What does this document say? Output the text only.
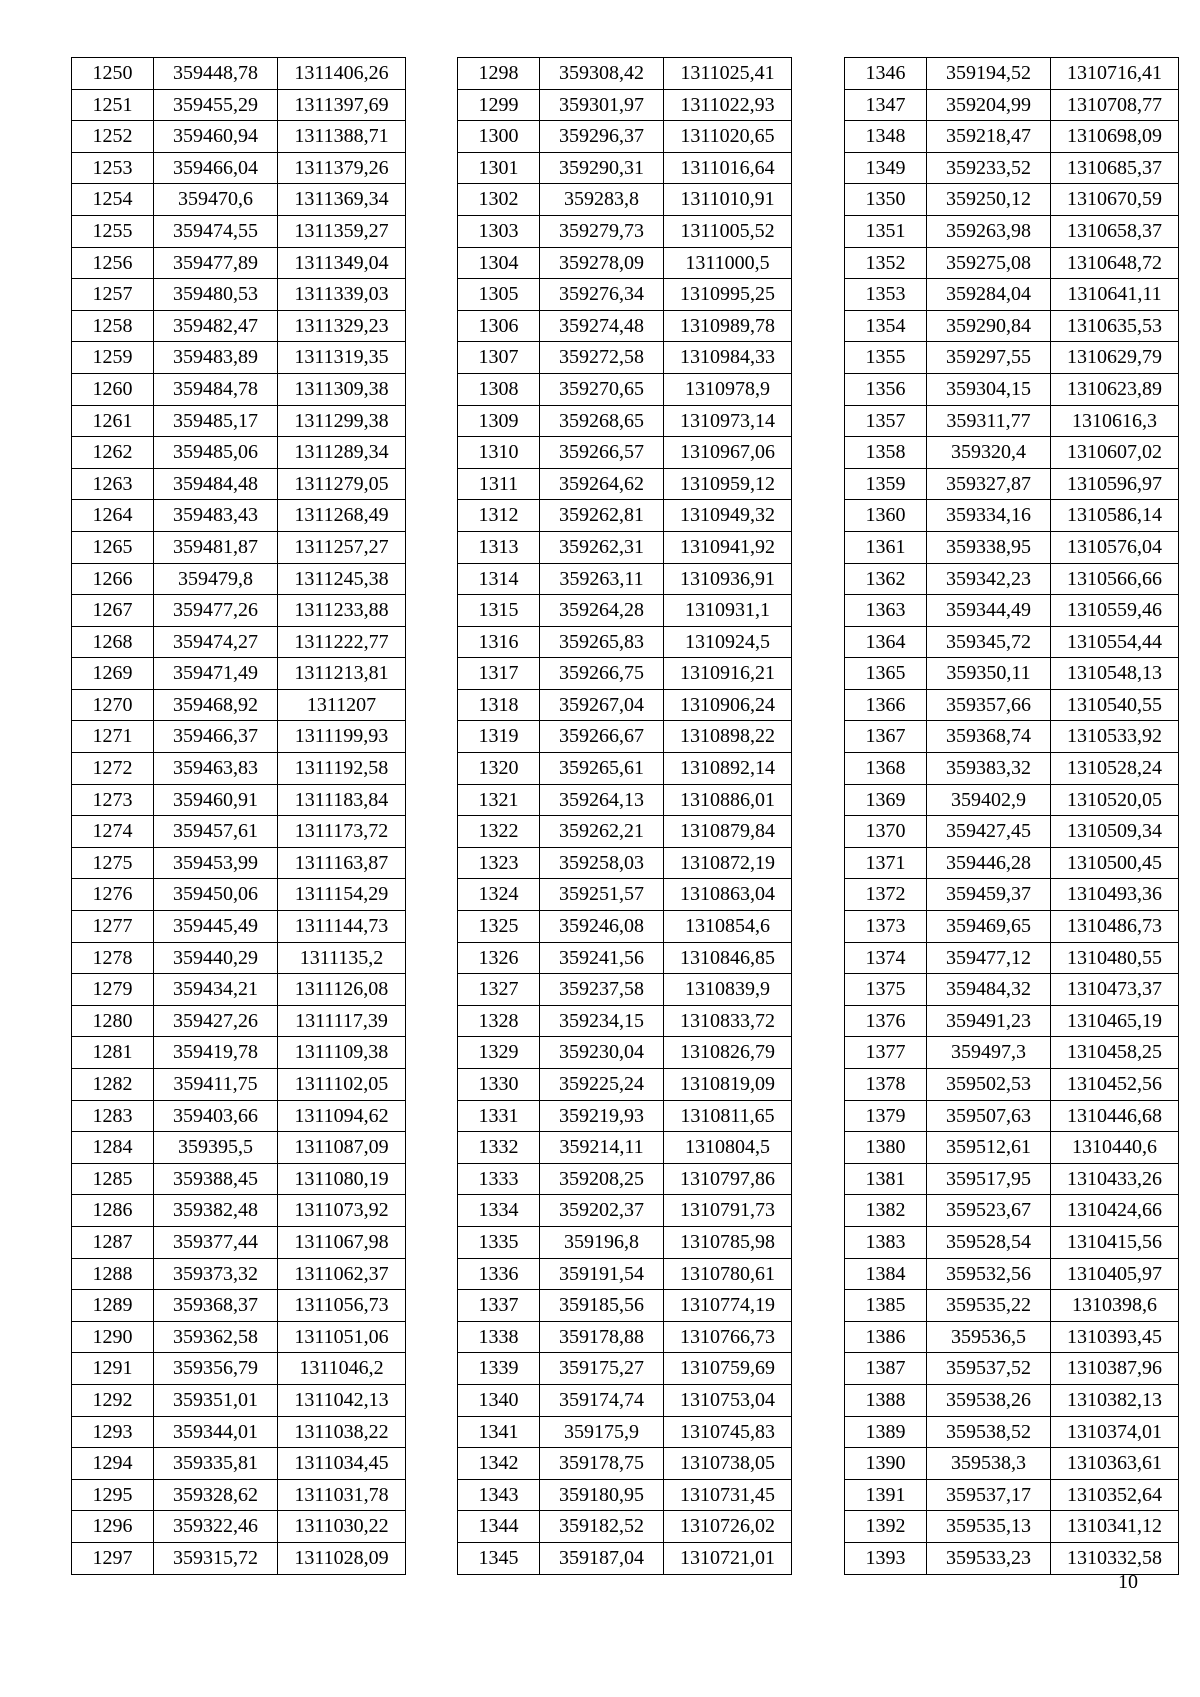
1250	359448,78	1311406,26
1251	359455,29	1311397,69
1252	359460,94	1311388,71
1253	359466,04	1311379,26
1254	359470,6	1311369,34
1255	359474,55	1311359,27
1256	359477,89	1311349,04
1257	359480,53	1311339,03
1258	359482,47	1311329,23
1259	359483,89	1311319,35
1260	359484,78	1311309,38
1261	359485,17	1311299,38
1262	359485,06	1311289,34
1263	359484,48	1311279,05
1264	359483,43	1311268,49
1265	359481,87	1311257,27
1266	359479,8	1311245,38
1267	359477,26	1311233,88
1268	359474,27	1311222,77
1269	359471,49	1311213,81
1270	359468,92	1311207
1271	359466,37	1311199,93
1272	359463,83	1311192,58
1273	359460,91	1311183,84
1274	359457,61	1311173,72
1275	359453,99	1311163,87
1276	359450,06	1311154,29
1277	359445,49	1311144,73
1278	359440,29	1311135,2
1279	359434,21	1311126,08
1280	359427,26	1311117,39
1281	359419,78	1311109,38
1282	359411,75	1311102,05
1283	359403,66	1311094,62
1284	359395,5	1311087,09
1285	359388,45	1311080,19
1286	359382,48	1311073,92
1287	359377,44	1311067,98
1288	359373,32	1311062,37
1289	359368,37	1311056,73
1290	359362,58	1311051,06
1291	359356,79	1311046,2
1292	359351,01	1311042,13
1293	359344,01	1311038,22
1294	359335,81	1311034,45
1295	359328,62	1311031,78
1296	359322,46	1311030,22
1297	359315,72	1311028,09
1298	359308,42	1311025,41
1299	359301,97	1311022,93
1300	359296,37	1311020,65
1301	359290,31	1311016,64
1302	359283,8	1311010,91
1303	359279,73	1311005,52
1304	359278,09	1311000,5
1305	359276,34	1310995,25
1306	359274,48	1310989,78
1307	359272,58	1310984,33
1308	359270,65	1310978,9
1309	359268,65	1310973,14
1310	359266,57	1310967,06
1311	359264,62	1310959,12
1312	359262,81	1310949,32
1313	359262,31	1310941,92
1314	359263,11	1310936,91
1315	359264,28	1310931,1
1316	359265,83	1310924,5
1317	359266,75	1310916,21
1318	359267,04	1310906,24
1319	359266,67	1310898,22
1320	359265,61	1310892,14
1321	359264,13	1310886,01
1322	359262,21	1310879,84
1323	359258,03	1310872,19
1324	359251,57	1310863,04
1325	359246,08	1310854,6
1326	359241,56	1310846,85
1327	359237,58	1310839,9
1328	359234,15	1310833,72
1329	359230,04	1310826,79
1330	359225,24	1310819,09
1331	359219,93	1310811,65
1332	359214,11	1310804,5
1333	359208,25	1310797,86
1334	359202,37	1310791,73
1335	359196,8	1310785,98
1336	359191,54	1310780,61
1337	359185,56	1310774,19
1338	359178,88	1310766,73
1339	359175,27	1310759,69
1340	359174,74	1310753,04
1341	359175,9	1310745,83
1342	359178,75	1310738,05
1343	359180,95	1310731,45
1344	359182,52	1310726,02
1345	359187,04	1310721,01
1346	359194,52	1310716,41
1347	359204,99	1310708,77
1348	359218,47	1310698,09
1349	359233,52	1310685,37
1350	359250,12	1310670,59
1351	359263,98	1310658,37
1352	359275,08	1310648,72
1353	359284,04	1310641,11
1354	359290,84	1310635,53
1355	359297,55	1310629,79
1356	359304,15	1310623,89
1357	359311,77	1310616,3
1358	359320,4	1310607,02
1359	359327,87	1310596,97
1360	359334,16	1310586,14
1361	359338,95	1310576,04
1362	359342,23	1310566,66
1363	359344,49	1310559,46
1364	359345,72	1310554,44
1365	359350,11	1310548,13
1366	359357,66	1310540,55
1367	359368,74	1310533,92
1368	359383,32	1310528,24
1369	359402,9	1310520,05
1370	359427,45	1310509,34
1371	359446,28	1310500,45
1372	359459,37	1310493,36
1373	359469,65	1310486,73
1374	359477,12	1310480,55
1375	359484,32	1310473,37
1376	359491,23	1310465,19
1377	359497,3	1310458,25
1378	359502,53	1310452,56
1379	359507,63	1310446,68
1380	359512,61	1310440,6
1381	359517,95	1310433,26
1382	359523,67	1310424,66
1383	359528,54	1310415,56
1384	359532,56	1310405,97
1385	359535,22	1310398,6
1386	359536,5	1310393,45
1387	359537,52	1310387,96
1388	359538,26	1310382,13
1389	359538,52	1310374,01
1390	359538,3	1310363,61
1391	359537,17	1310352,64
1392	359535,13	1310341,12
1393	359533,23	1310332,58
10
